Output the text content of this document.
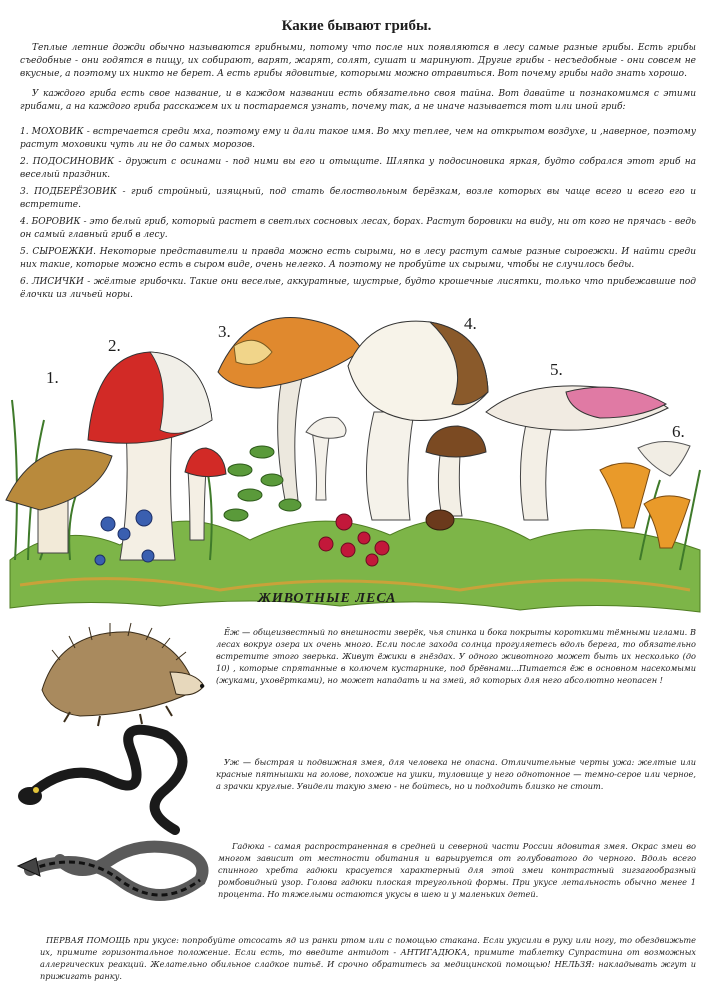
Какие бывают грибы.

Теплые летние дожди обычно называются грибными, потому что после них появляются в лесу самые разные грибы. Есть грибы съедобные - они годятся в пищу, их собирают, варят, жарят, солят, сушат и маринуют. Другие грибы - несъедобные - они совсем не вкусные, а поэтому их никто не берет. А есть грибы ядовитые, которыми можно отравиться. Вот почему грибы надо знать хорошо.

У каждого гриба есть свое название, и в каждом названии есть обязательно своя тайна. Вот давайте и познакомимся с этими грибами, а на каждого гриба расскажем их и постараемся узнать, почему так, а не иначе называется тот или иной гриб:

1. МОХОВИК - встречается среди мха, поэтому ему и дали такое имя. Во мху теплее, чем на открытом воздухе, и ,наверное, поэтому растут моховики чуть ли не до самых морозов.
2. ПОДОСИНОВИК - дружит с осинами - под ними вы его и отыщите. Шляпка у подосиновика яркая, будто собрался этот гриб на веселый праздник.
3. ПОДБЕРЁЗОВИК - гриб стройный, изящный, под стать белоствольным берёзкам, возле которых вы чаще всего и всего его и встретите.
4. БОРОВИК - это белый гриб, который растет в светлых сосновых лесах, борах. Растут боровики на виду, ни от кого не прячась - ведь он самый главный гриб в лесу.
5. СЫРОЕЖКИ. Некоторые представители и правда можно есть сырыми, но в лесу растут самые разные сыроежки. И найти среди них такие, которые можно есть в сыром виде, очень нелегко. А поэтому не пробуйте их сырыми, чтобы не случилось беды.
6. ЛИСИЧКИ - жёлтые грибочки. Такие они веселые, аккуратные, шустрые, будто крошечные лисятки, только что прибежавшие под ёлочки из личьей норы.
1.
2.
3.	4.
5.
6.
ЖИВОТНЫЕ ЛЕСА

Ёж — общеизвестный по внешности зверёк, чья спинка и бока покрыты короткими тёмными иглами. В лесах вокруг озера их очень много. Если после захода солнца прогуляетесь вдоль берега, то обязательно встретите этого зверька. Живут ёжики в гнёздах. У одного животного может быть их несколько (до 10) , которые спрятанные в колючем кустарнике, под брёвнами...Питается ёж в основном насекомыми (жуками, уховёртками), но может нападать и на змей, яд которых для него абсолютно неопасен !

Уж — быстрая и подвижная змея, для человека не опасна. Отличительные черты ужа: желтые или красные пятнышки на голове, похожие на ушки, туловище у него однотонное — темно-серое или черное, а зрачки круглые. Увидели такую змею - не бойтесь, но и подходить близко не стоит.

Гадюка - самая распространенная в средней и северной части России ядовитая змея. Окрас змеи во многом зависит от местности обитания и варьируется от голубоватого до черного. Вдоль всего спинного хребта гадюки красуется характерный для этой змеи контрастный зигзагообразный ромбовидный узор. Голова гадюки плоская треугольной формы. При укусе летальность обычно менее 1 процента. Но тяжелыми остаются укусы в шею и у маленьких детей.

ПЕРВАЯ ПОМОЩЬ при укусе: попробуйте отсосать яд из ранки ртом или с помощью стакана. Если укусили в руку или ногу, то обездвижьте их, примите горизонтальное положение. Если есть, то введите антидот - АНТИГАДЮКА, примите таблетку Супрастина от возможных аллергических реакций. Желательно обильное сладкое питьё. И срочно обратитесь за медицинской помощью! НЕЛЬЗЯ: накладывать жгут и прижигать ранку.
